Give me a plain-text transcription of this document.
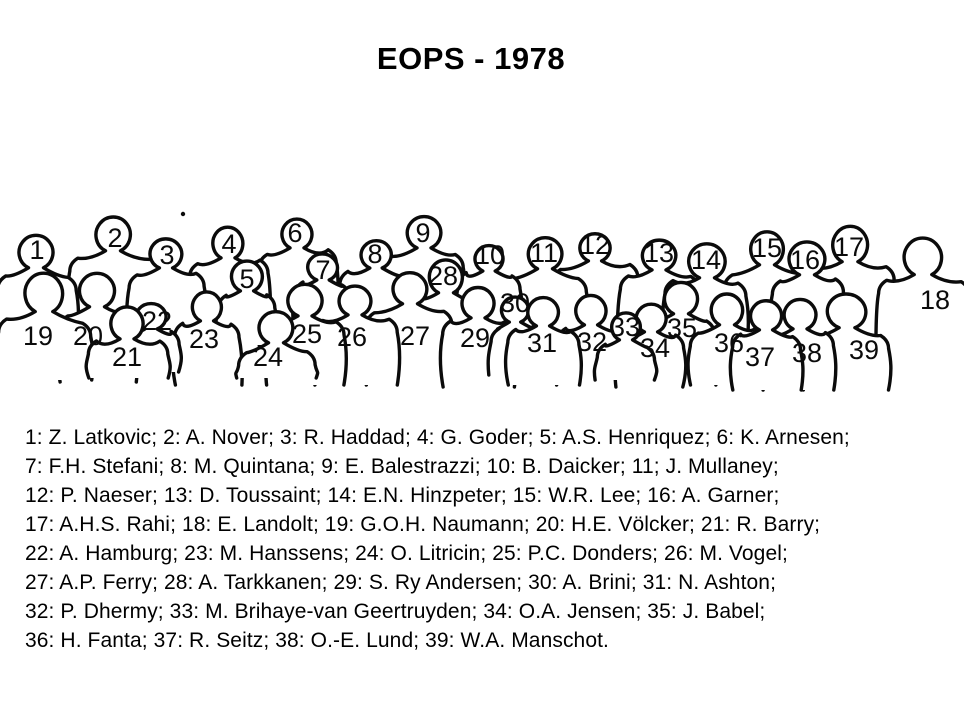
EOPS - 1978
1 2
3 4
5
6
7
8
9
10 11 12 13 14 15 16 17
18
19 20
21
22
23
24
25 26 27
28
29
30
31 32 33
34
35 36 37 38 39
1: Z. Latkovic; 2: A. Nover; 3: R. Haddad; 4: G. Goder; 5: A.S. Henriquez; 6: K. Arnesen;
7: F.H. Stefani; 8: M. Quintana; 9: E. Balestrazzi; 10: B. Daicker; 11; J. Mullaney;
12: P. Naeser; 13: D. Toussaint; 14: E.N. Hinzpeter; 15: W.R. Lee; 16: A. Garner;
17: A.H.S. Rahi; 18: E. Landolt; 19: G.O.H. Naumann; 20: H.E. Völcker; 21: R. Barry;
22: A. Hamburg; 23: M. Hanssens; 24: O. Litricin; 25: P.C. Donders; 26: M. Vogel;
27: A.P. Ferry; 28: A. Tarkkanen; 29: S. Ry Andersen; 30: A. Brini; 31: N. Ashton;
32: P. Dhermy; 33: M. Brihaye-van Geertruyden; 34: O.A. Jensen; 35: J. Babel;
36: H. Fanta; 37: R. Seitz; 38: O.-E. Lund; 39: W.A. Manschot.
